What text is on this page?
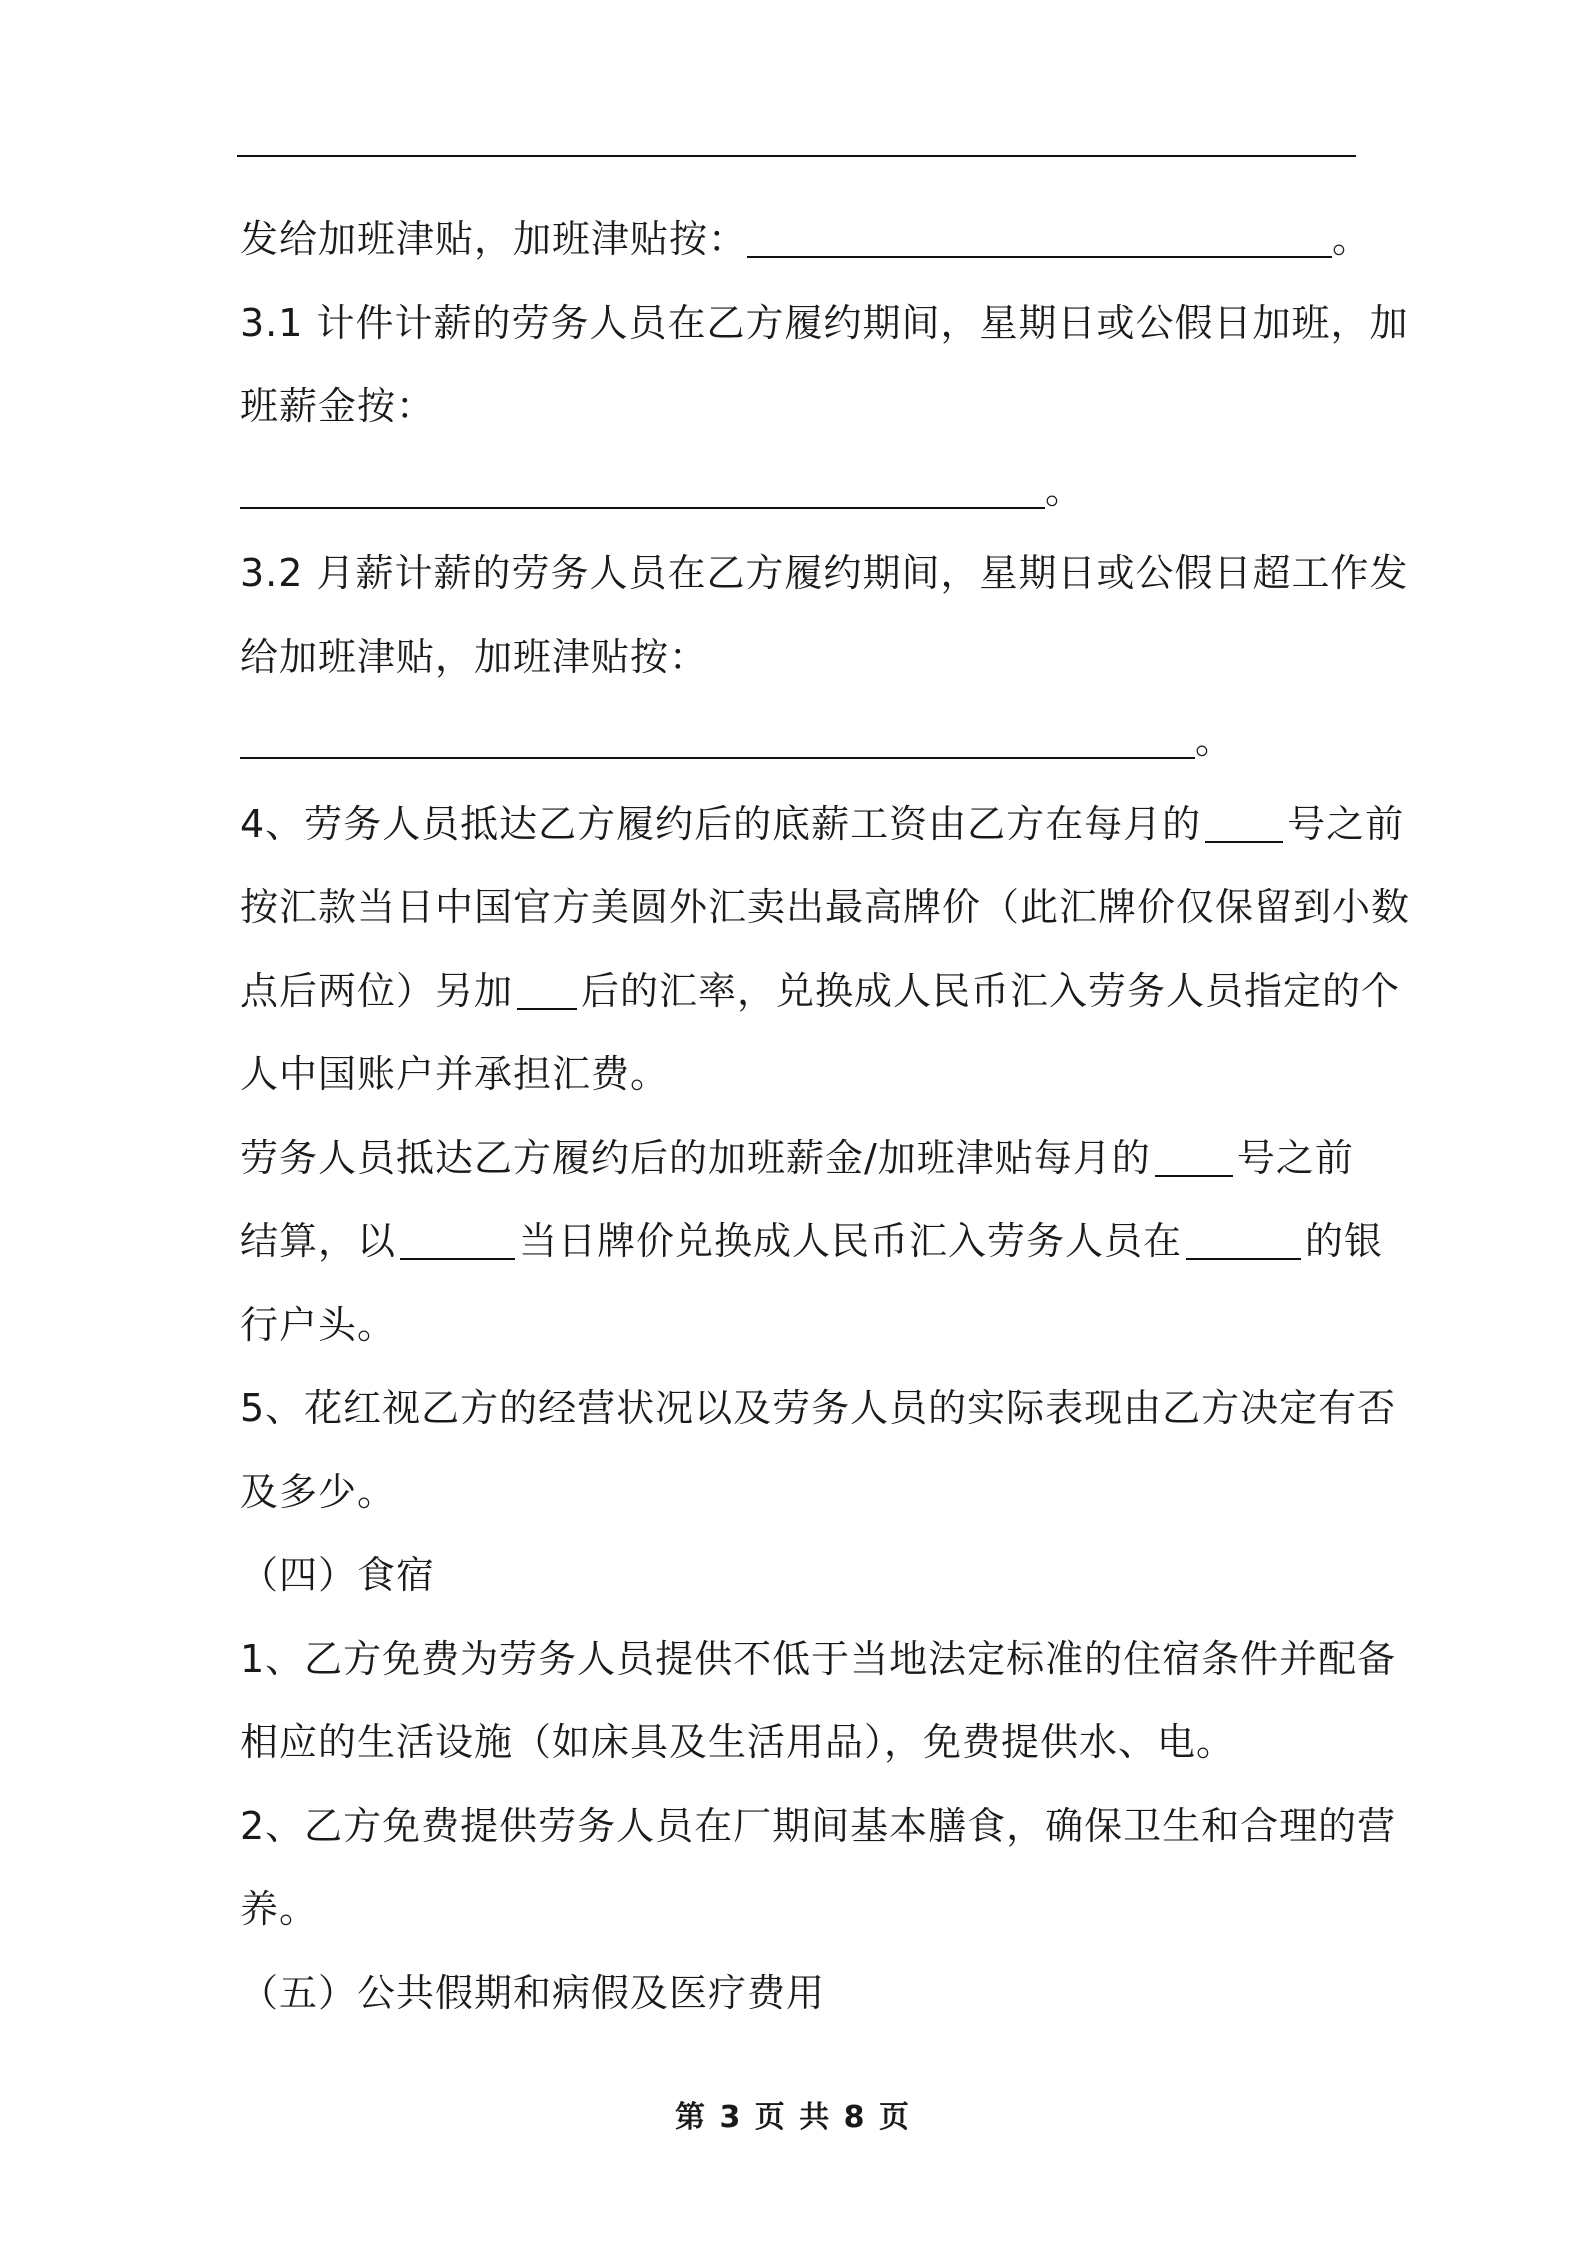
发给加班津贴，加班津贴按：	。
3.1 计件计薪的劳务人员在乙方履约期间，星期日或公假日加班，加
班薪金按：
。
3.2 月薪计薪的劳务人员在乙方履约期间，星期日或公假日超工作发
给加班津贴，加班津贴按：
。
4、劳务人员抵达乙方履约后的底薪工资由乙方在每月的 号之前
按汇款当日中国官方美圆外汇卖出最高牌价（此汇牌价仅保留到小数
点后两位）另加 后的汇率，兑换成人民币汇入劳务人员指定的个
人中国账户并承担汇费。
劳务人员抵达乙方履约后的加班薪金/加班津贴每月的 号之前
结算，以	当日牌价兑换成人民币汇入劳务人员在	的银
行户头。
5、花红视乙方的经营状况以及劳务人员的实际表现由乙方决定有否
及多少。
（四）食宿
1、乙方免费为劳务人员提供不低于当地法定标准的住宿条件并配备
相应的生活设施（如床具及生活用品），免费提供水、电。
2、乙方免费提供劳务人员在厂期间基本膳食，确保卫生和合理的营
养。
（五）公共假期和病假及医疗费用
第 3 页 共 8 页
